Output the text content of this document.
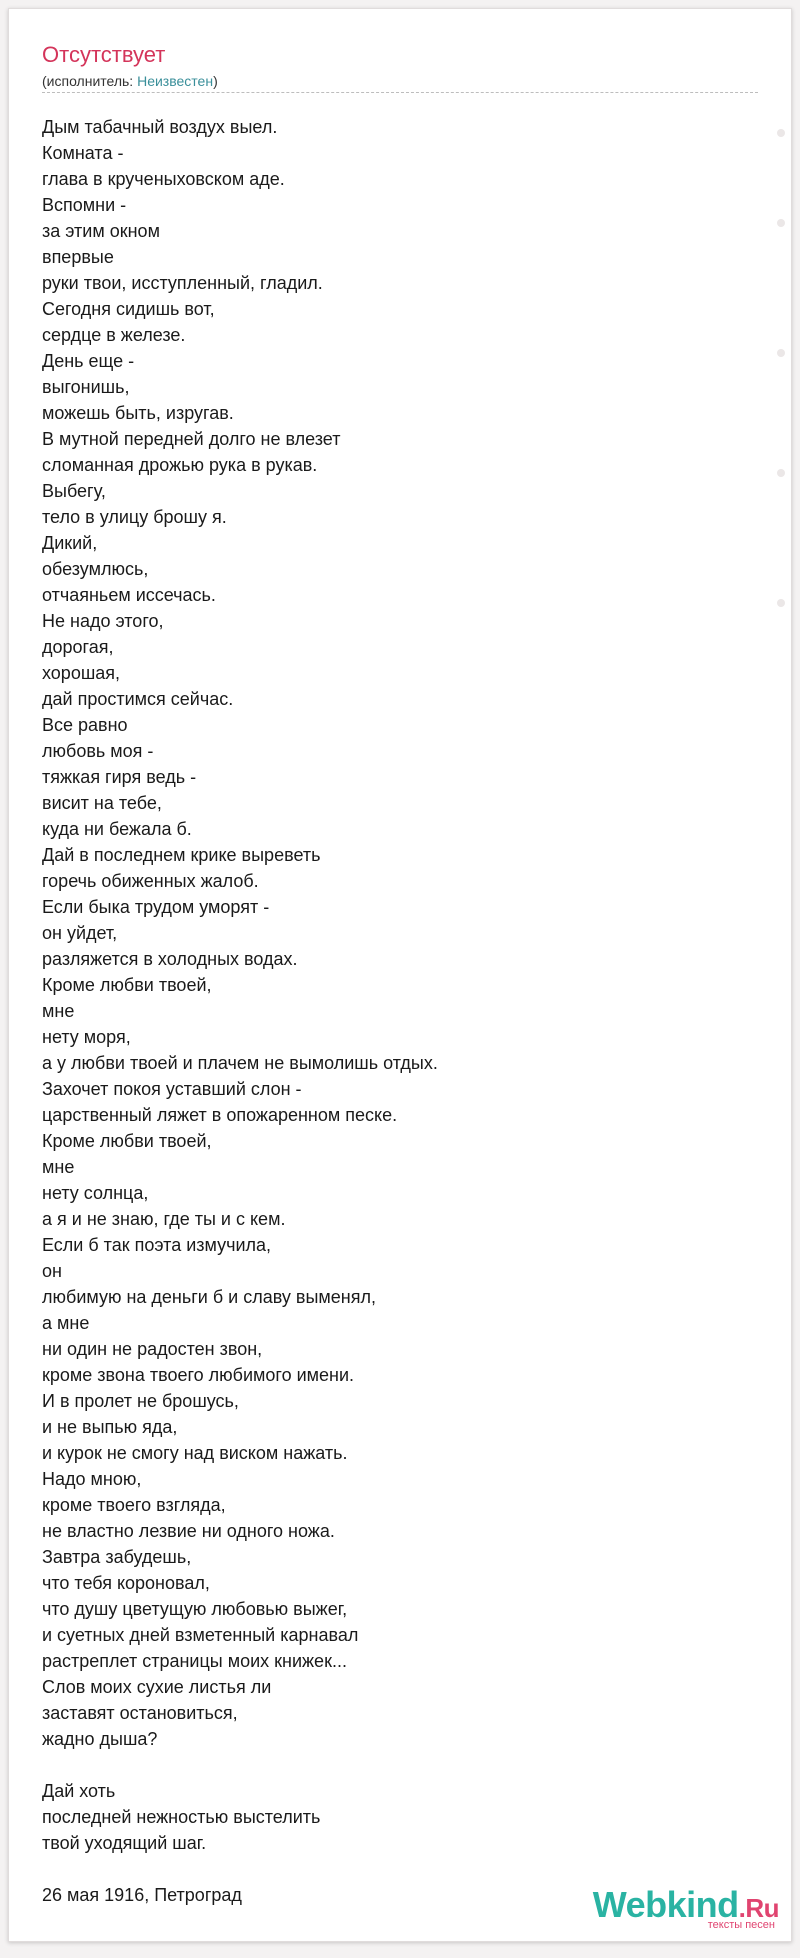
Отсутствует
(исполнитель: Неизвестен)
Дым табачный воздух выел.
Комната -
глава в крученыховском аде.
Вспомни -
за этим окном
впервые
руки твои, исступленный, гладил.
Сегодня сидишь вот,
сердце в железе.
День еще -
выгонишь,
можешь быть, изругав.
В мутной передней долго не влезет
сломанная дрожью рука в рукав.
Выбегу,
тело в улицу брошу я.
Дикий,
обезумлюсь,
отчаяньем иссечась.
Не надо этого,
дорогая,
хорошая,
дай простимся сейчас.
Все равно
любовь моя -
тяжкая гиря ведь -
висит на тебе,
куда ни бежала б.
Дай в последнем крике выреветь
горечь обиженных жалоб.
Если быка трудом уморят -
он уйдет,
разляжется в холодных водах.
Кроме любви твоей,
мне
нету моря,
а у любви твоей и плачем не вымолишь отдых.
Захочет покоя уставший слон -
царственный ляжет в опожаренном песке.
Кроме любви твоей,
мне
нету солнца,
а я и не знаю, где ты и с кем.
Если б так поэта измучила,
он
любимую на деньги б и славу выменял,
а мне
ни один не радостен звон,
кроме звона твоего любимого имени.
И в пролет не брошусь,
и не выпью яда,
и курок не смогу над виском нажать.
Надо мною,
кроме твоего взгляда,
не властно лезвие ни одного ножа.
Завтра забудешь,
что тебя короновал,
что душу цветущую любовью выжег,
и суетных дней взметенный карнавал
растреплет страницы моих книжек...
Слов моих сухие листья ли
заставят остановиться,
жадно дыша?

Дай хоть
последней нежностью выстелить
твой уходящий шаг.

26 мая 1916, Петроград	Webkind.Ru
тексты песен
